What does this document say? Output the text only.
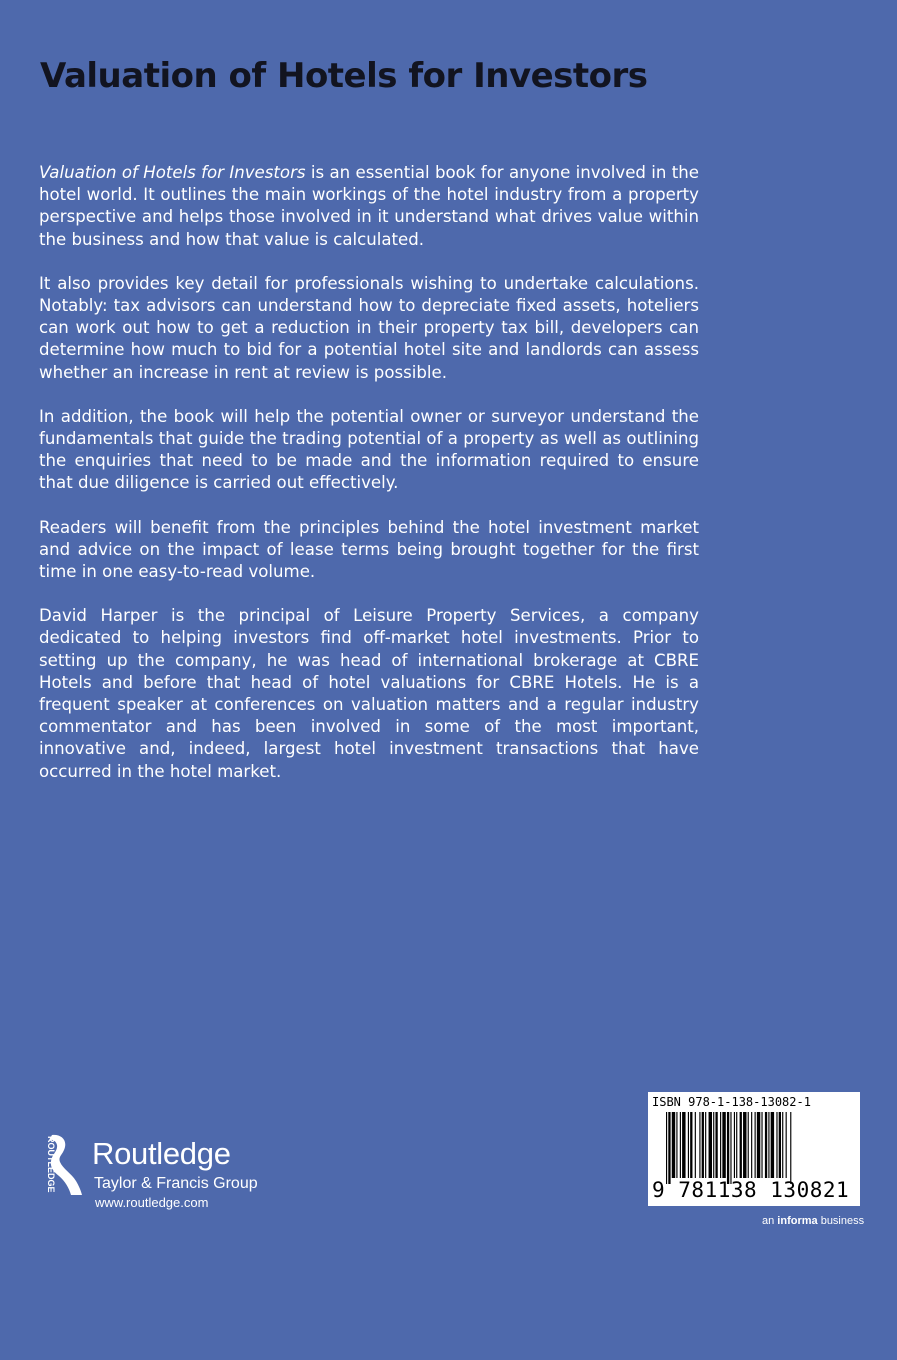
Valuation of Hotels for Investors

Valuation of Hotels for Investors is an essential book for anyone involved in the hotel world. It outlines the main workings of the hotel industry from a property perspective and helps those involved in it understand what drives value within the business and how that value is calculated.

It also provides key detail for professionals wishing to undertake calculations. Notably: tax advisors can understand how to depreciate fixed assets, hoteliers can work out how to get a reduction in their property tax bill, developers can determine how much to bid for a potential hotel site and landlords can assess whether an increase in rent at review is possible.

In addition, the book will help the potential owner or surveyor understand the fundamentals that guide the trading potential of a property as well as outlining the enquiries that need to be made and the information required to ensure that due diligence is carried out effectively.

Readers will benefit from the principles behind the hotel investment market and advice on the impact of lease terms being brought together for the first time in one easy-to-read volume.

David Harper is the principal of Leisure Property Services, a company dedicated to helping investors find off-market hotel investments. Prior to setting up the company, he was head of international brokerage at CBRE Hotels and before that head of hotel valuations for CBRE Hotels. He is a frequent speaker at conferences on valuation matters and a regular industry commentator and has been involved in some of the most important, innovative and, indeed, largest hotel investment transactions that have occurred in the hotel market.

ROUTLEDGE Routledge
Taylor & Francis Group
www.routledge.com
ISBN 978-1-138-13082-1
9 781138 130821
an informa business
